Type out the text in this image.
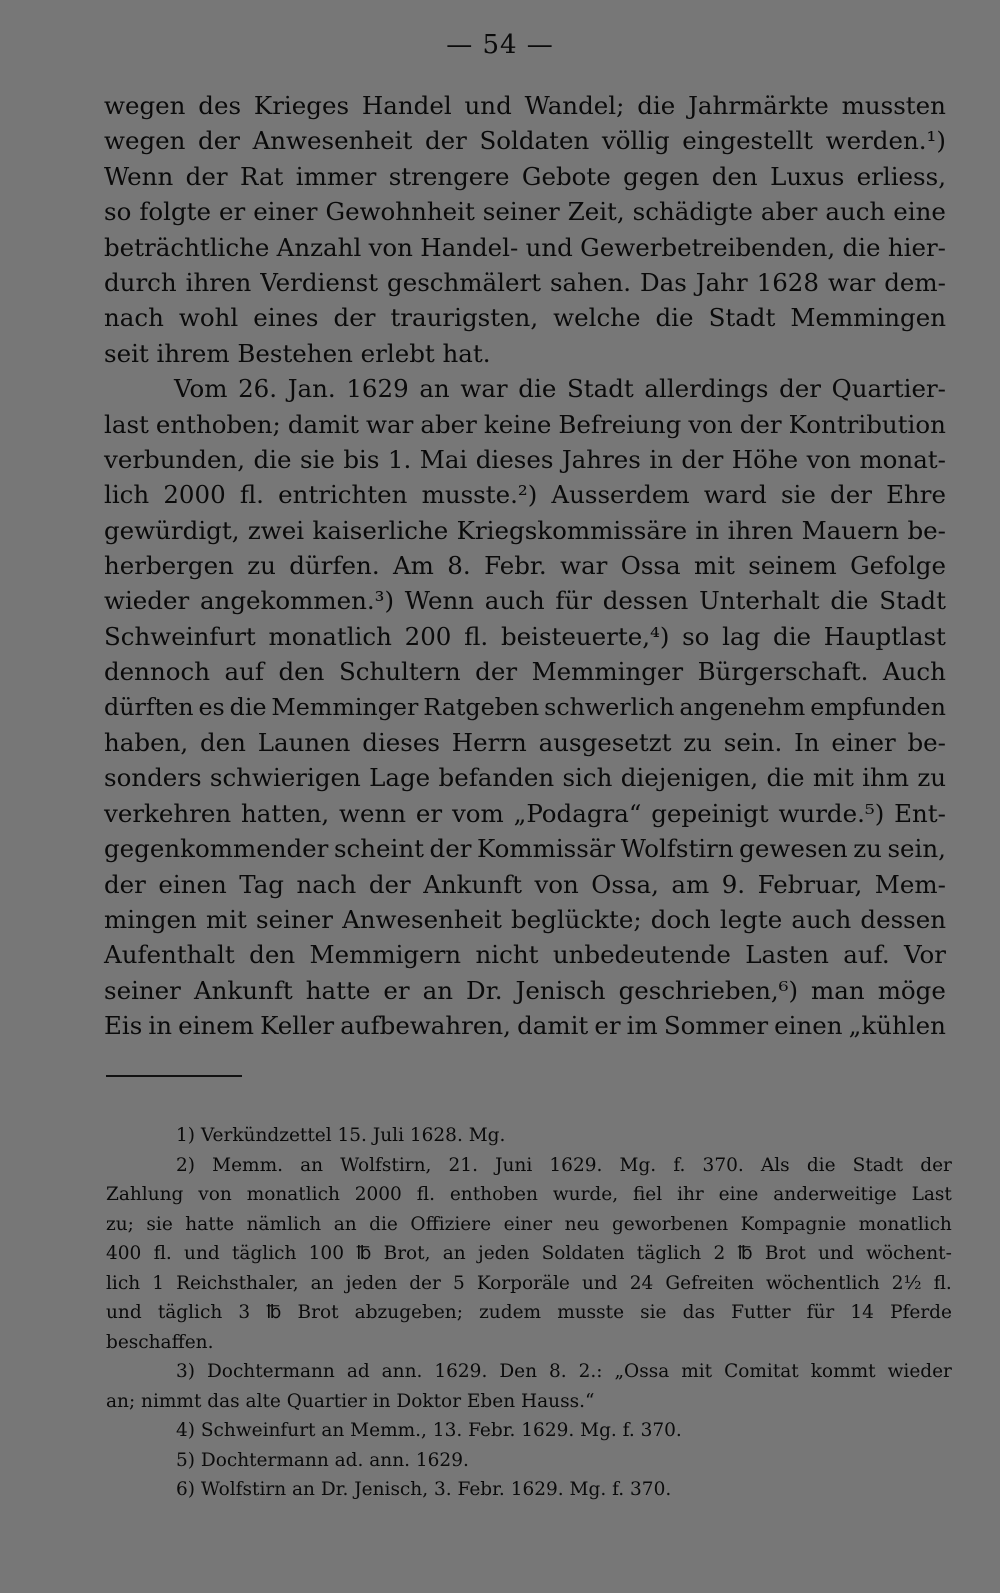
— 54 —
wegen des Krieges Handel und Wandel; die Jahrmärkte mussten
wegen der Anwesenheit der Soldaten völlig eingestellt werden.¹)
Wenn der Rat immer strengere Gebote gegen den Luxus erliess,
so folgte er einer Gewohnheit seiner Zeit, schädigte aber auch eine
beträchtliche Anzahl von Handel- und Gewerbetreibenden, die hier-
durch ihren Verdienst geschmälert sahen. Das Jahr 1628 war dem-
nach wohl eines der traurigsten, welche die Stadt Memmingen
seit ihrem Bestehen erlebt hat.
Vom 26. Jan. 1629 an war die Stadt allerdings der Quartier-
last enthoben; damit war aber keine Befreiung von der Kontribution
verbunden, die sie bis 1. Mai dieses Jahres in der Höhe von monat-
lich 2000 fl. entrichten musste.²) Ausserdem ward sie der Ehre
gewürdigt, zwei kaiserliche Kriegskommissäre in ihren Mauern be-
herbergen zu dürfen. Am 8. Febr. war Ossa mit seinem Gefolge
wieder angekommen.³) Wenn auch für dessen Unterhalt die Stadt
Schweinfurt monatlich 200 fl. beisteuerte,⁴) so lag die Hauptlast
dennoch auf den Schultern der Memminger Bürgerschaft. Auch
dürften es die Memminger Ratgeben schwerlich angenehm empfunden
haben, den Launen dieses Herrn ausgesetzt zu sein. In einer be-
sonders schwierigen Lage befanden sich diejenigen, die mit ihm zu
verkehren hatten, wenn er vom „Podagra“ gepeinigt wurde.⁵) Ent-
gegenkommender scheint der Kommissär Wolfstirn gewesen zu sein,
der einen Tag nach der Ankunft von Ossa, am 9. Februar, Mem-
mingen mit seiner Anwesenheit beglückte; doch legte auch dessen
Aufenthalt den Memmigern nicht unbedeutende Lasten auf. Vor
seiner Ankunft hatte er an Dr. Jenisch geschrieben,⁶) man möge
Eis in einem Keller aufbewahren, damit er im Sommer einen „kühlen
1) Verkündzettel 15. Juli 1628. Mg.
2) Memm. an Wolfstirn, 21. Juni 1629. Mg. f. 370. Als die Stadt der
Zahlung von monatlich 2000 fl. enthoben wurde, fiel ihr eine anderweitige Last
zu; sie hatte nämlich an die Offiziere einer neu geworbenen Kompagnie monatlich
400 fl. und täglich 100 ℔ Brot, an jeden Soldaten täglich 2 ℔ Brot und wöchent-
lich 1 Reichsthaler, an jeden der 5 Korporäle und 24 Gefreiten wöchentlich 2½ fl.
und täglich 3 ℔ Brot abzugeben; zudem musste sie das Futter für 14 Pferde
beschaffen.
3) Dochtermann ad ann. 1629. Den 8. 2.: „Ossa mit Comitat kommt wieder
an; nimmt das alte Quartier in Doktor Eben Hauss.“
4) Schweinfurt an Memm., 13. Febr. 1629. Mg. f. 370.
5) Dochtermann ad. ann. 1629.
6) Wolfstirn an Dr. Jenisch, 3. Febr. 1629. Mg. f. 370.
